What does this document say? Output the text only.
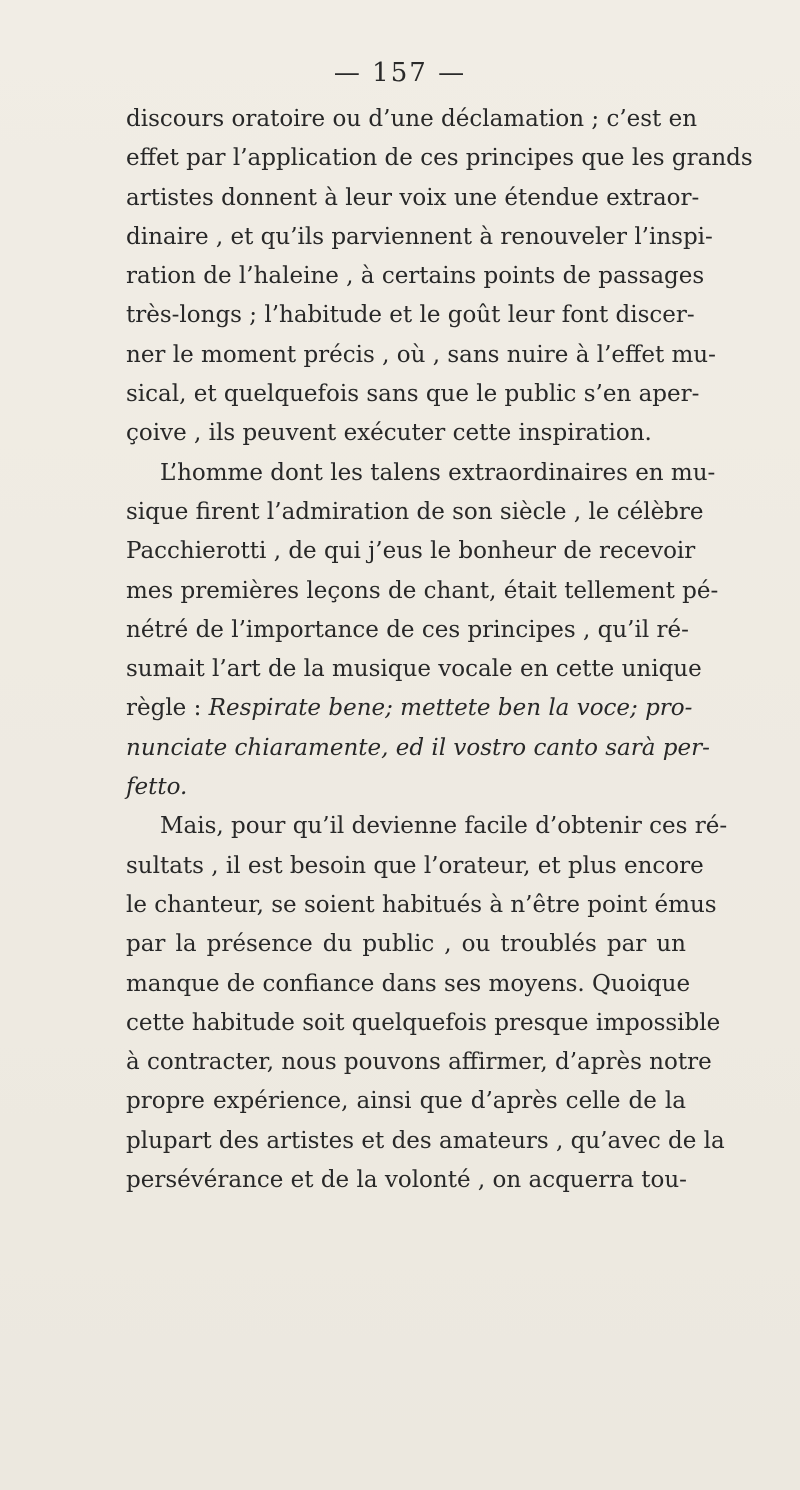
— 157 —
discours oratoire ou d’une déclamation ; c’est en
effet par l’application de ces principes que les grands
artistes donnent à leur voix une étendue extraor-
dinaire , et qu’ils parviennent à renouveler l’inspi-
ration de l’haleine , à certains points de passages
très-longs ; l’habitude et le goût leur font discer-
ner le moment précis , où , sans nuire à l’effet mu-
sical, et quelquefois sans que le public s’en aper-
çoive , ils peuvent exécuter cette inspiration.
L’homme dont les talens extraordinaires en mu-
sique firent l’admiration de son siècle , le célèbre
Pacchierotti , de qui j’eus le bonheur de recevoir
mes premières leçons de chant, était tellement pé-
nétré de l’importance de ces principes , qu’il ré-
sumait l’art de la musique vocale en cette unique
règle : Respirate bene; mettete ben la voce; pro-
nunciate chiaramente, ed il vostro canto sarà per-
fetto.
Mais, pour qu’il devienne facile d’obtenir ces ré-
sultats , il est besoin que l’orateur, et plus encore
le chanteur, se soient habitués à n’être point émus
par la présence du public , ou troublés par un
manque de confiance dans ses moyens. Quoique
cette habitude soit quelquefois presque impossible
à contracter, nous pouvons affirmer, d’après notre
propre expérience, ainsi que d’après celle de la
plupart des artistes et des amateurs , qu’avec de la
persévérance et de la volonté , on acquerra tou-
